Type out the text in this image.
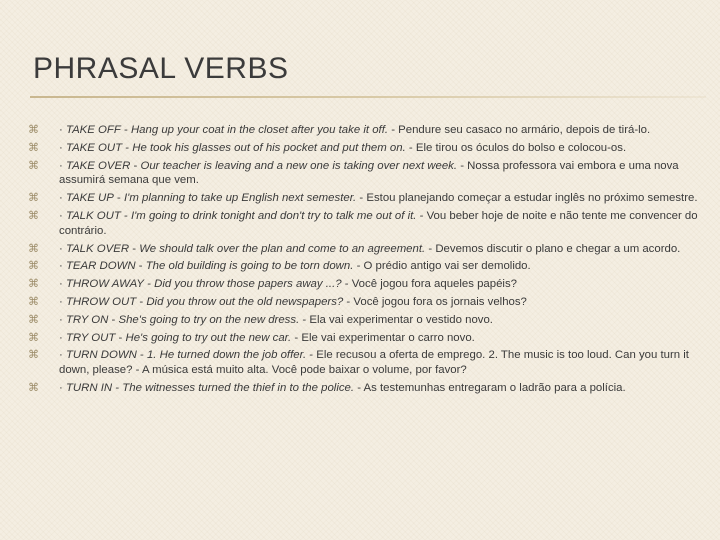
PHRASAL VERBS
⌘ · TAKE OFF - Hang up your coat in the closet after you take it off. - Pendure seu casaco no armário, depois de tirá-lo.
⌘ · TAKE OUT - He took his glasses out of his pocket and put them on. - Ele tirou os óculos do bolso e colocou-os.
⌘ · TAKE OVER - Our teacher is leaving and a new one is taking over next week. - Nossa professora vai embora e uma nova assumirá semana que vem.
⌘ · TAKE UP - I'm planning to take up English next semester. - Estou planejando começar a estudar inglês no próximo semestre.
⌘ · TALK OUT - I'm going to drink tonight and don't try to talk me out of it. - Vou beber hoje de noite e não tente me convencer do contrário.
⌘ · TALK OVER - We should talk over the plan and come to an agreement. - Devemos discutir o plano e chegar a um acordo.
⌘ · TEAR DOWN - The old building is going to be torn down. - O prédio antigo vai ser demolido.
⌘ · THROW AWAY - Did you throw those papers away ...? - Você jogou fora aqueles papéis?
⌘ · THROW OUT - Did you throw out the old newspapers? - Você jogou fora os jornais velhos?
⌘ · TRY ON - She's going to try on the new dress. - Ela vai experimentar o vestido novo.
⌘ · TRY OUT - He's going to try out the new car. - Ele vai experimentar o carro novo.
⌘ · TURN DOWN - 1. He turned down the job offer. - Ele recusou a oferta de emprego. 2. The music is too loud. Can you turn it down, please? - A música está muito alta. Você pode baixar o volume, por favor?
⌘ · TURN IN - The witnesses turned the thief in to the police. - As testemunhas entregaram o ladrão para a polícia.
